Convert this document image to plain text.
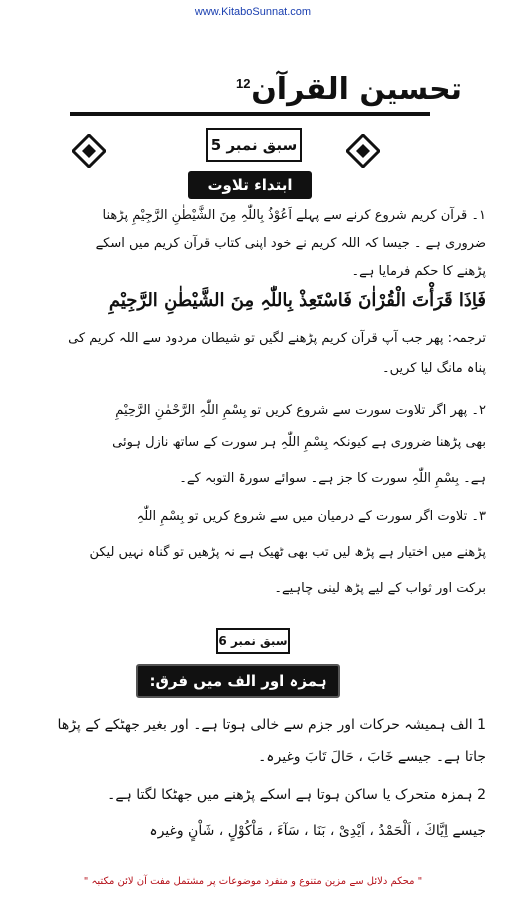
www.KitaboSunnat.com
تحسین القرآن
12
سبق نمبر 5
ابتداء تلاوت
۱۔ قرآن کریم شروع کرنے سے پہلے اَعُوْذُ بِاللّٰہِ مِنَ الشَّیْطٰنِ الرَّجِیْمِ پڑھنا
ضروری ہے ۔ جیسا کہ اللہ کریم نے خود اپنی کتاب قرآن کریم میں اسکے
پڑھنے کا حکم فرمایا ہے۔
فَاِذَا قَرَأْتَ الْقُرْاٰنَ فَاسْتَعِذْ بِاللّٰہِ مِنَ الشَّیْطٰنِ الرَّجِیْمِ
ترجمہ: پھر جب آپ قرآن کریم پڑھنے لگیں تو شیطان مردود سے اللہ کریم کی
پناہ مانگ لیا کریں۔
۲۔ پھر اگر تلاوت سورت سے شروع کریں تو بِسْمِ اللّٰہِ الرَّحْمٰنِ الرَّحِیْمِ
بھی پڑھنا ضروری ہے کیونکہ بِسْمِ اللّٰہِ ہر سورت کے ساتھ نازل ہوئی
ہے۔ بِسْمِ اللّٰہِ سورت کا جز ہے۔ سوائے سورۃ التوبہ کے۔
۳۔ تلاوت اگر سورت کے درمیان میں سے شروع کریں تو بِسْمِ اللّٰہِ
پڑھنے میں اختیار ہے پڑھ لیں تب بھی ٹھیک ہے نہ پڑھیں تو گناہ نہیں لیکن
برکت اور ثواب کے لیے پڑھ لینی چاہیے۔
سبق نمبر 6
ہمزہ اور الف میں فرق:
1 الف ہمیشہ حرکات اور جزم سے خالی ہوتا ہے۔ اور بغیر جھٹکے کے پڑھا
جاتا ہے۔ جیسے خَابَ ، حَالَ تَابَ وغیرہ۔
2 ہمزہ متحرک یا ساکن ہوتا ہے اسکے پڑھنے میں جھٹکا لگتا ہے۔
جیسے اِیَّاكَ ، اَلْحَمْدُ ، اَیْدِیْ ، بَنَا ، سَآءَ ، مَاْکُوْلٍ ، شَاْنٍ وغیرہ
" محکم دلائل سے مزین متنوع و منفرد موضوعات پر مشتمل مفت آن لائن مکتبہ "
